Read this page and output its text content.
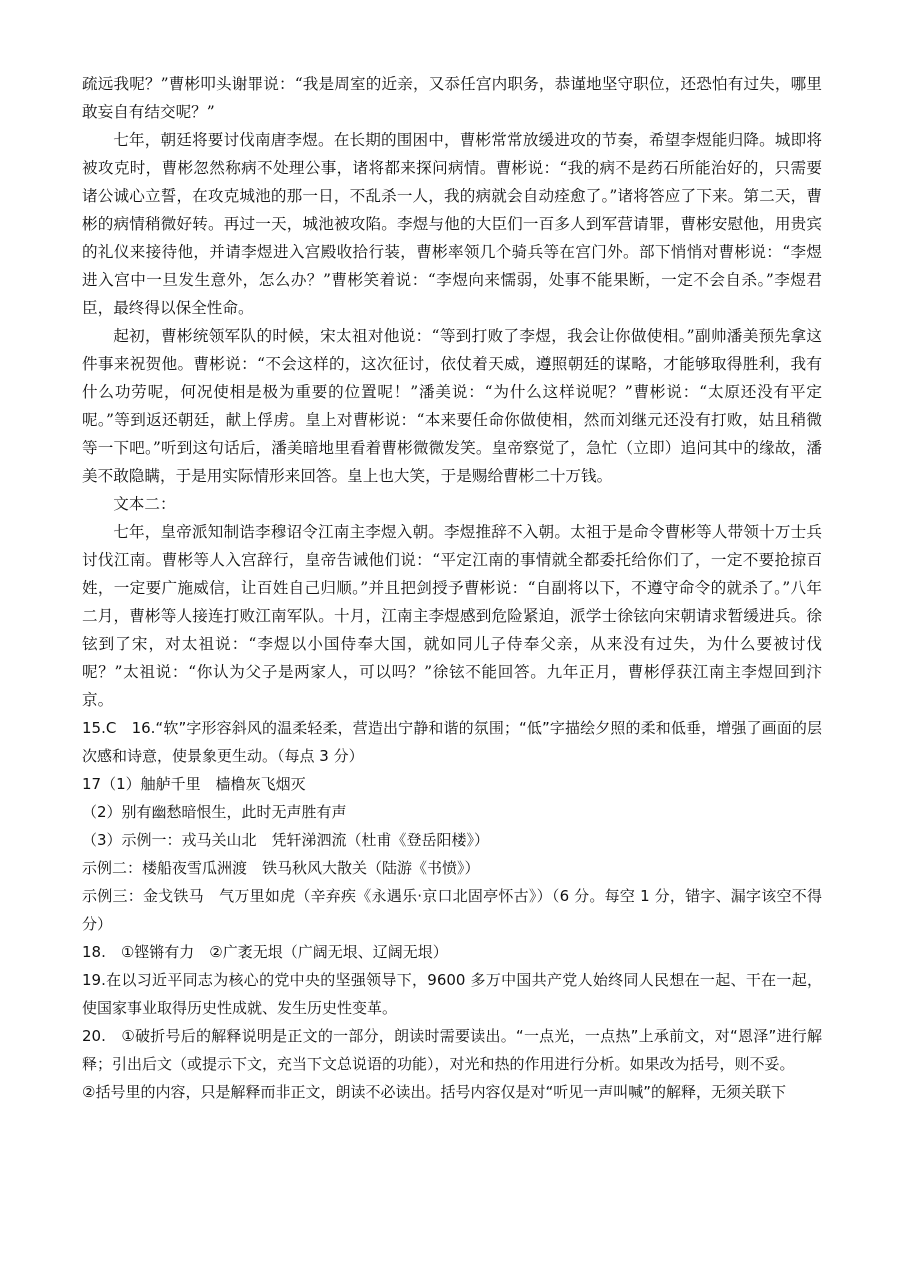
疏远我呢？”曹彬叩头谢罪说：“我是周室的近亲，又忝任宫内职务，恭谨地坚守职位，还恐怕有过失，哪里敢妄自有结交呢？”

七年，朝廷将要讨伐南唐李煜。在长期的围困中，曹彬常常放缓进攻的节奏，希望李煜能归降。城即将被攻克时，曹彬忽然称病不处理公事，诸将都来探问病情。曹彬说：“我的病不是药石所能治好的，只需要诸公诚心立誓，在攻克城池的那一日，不乱杀一人，我的病就会自动痊愈了。”诸将答应了下来。第二天，曹彬的病情稍微好转。再过一天，城池被攻陷。李煜与他的大臣们一百多人到军营请罪，曹彬安慰他，用贵宾的礼仪来接待他，并请李煜进入宫殿收拾行装，曹彬率领几个骑兵等在宫门外。部下悄悄对曹彬说：“李煜进入宫中一旦发生意外，怎么办？”曹彬笑着说：“李煜向来懦弱，处事不能果断，一定不会自杀。”李煜君臣，最终得以保全性命。

起初，曹彬统领军队的时候，宋太祖对他说：“等到打败了李煜，我会让你做使相。”副帅潘美预先拿这件事来祝贺他。曹彬说：“不会这样的，这次征讨，依仗着天威，遵照朝廷的谋略，才能够取得胜利，我有什么功劳呢，何况使相是极为重要的位置呢！”潘美说：“为什么这样说呢？”曹彬说：“太原还没有平定呢。”等到返还朝廷，献上俘虏。皇上对曹彬说：“本来要任命你做使相，然而刘继元还没有打败，姑且稍微等一下吧。”听到这句话后，潘美暗地里看着曹彬微微发笑。皇帝察觉了，急忙（立即）追问其中的缘故，潘美不敢隐瞒，于是用实际情形来回答。皇上也大笑，于是赐给曹彬二十万钱。

文本二：

七年，皇帝派知制诰李穆诏令江南主李煜入朝。李煜推辞不入朝。太祖于是命令曹彬等人带领十万士兵讨伐江南。曹彬等人入宫辞行，皇帝告诫他们说：“平定江南的事情就全都委托给你们了，一定不要抢掠百姓，一定要广施威信，让百姓自己归顺。”并且把剑授予曹彬说：“自副将以下，不遵守命令的就杀了。”八年二月，曹彬等人接连打败江南军队。十月，江南主李煜感到危险紧迫，派学士徐铉向宋朝请求暂缓进兵。徐铉到了宋，对太祖说：“李煜以小国侍奉大国，就如同儿子侍奉父亲，从来没有过失，为什么要被讨伐呢？”太祖说：“你认为父子是两家人，可以吗？”徐铉不能回答。九年正月，曹彬俘获江南主李煜回到汴京。

15.C　16.“软”字形容斜风的温柔轻柔，营造出宁静和谐的氛围；“低”字描绘夕照的柔和低垂，增强了画面的层次感和诗意，使景象更生动。（每点 3 分）

17（1）舳舻千里　樯橹灰飞烟灭

（2）别有幽愁暗恨生，此时无声胜有声

（3）示例一：戎马关山北　凭轩涕泗流（杜甫《登岳阳楼》）

示例二：楼船夜雪瓜洲渡　铁马秋风大散关（陆游《书愤》）

示例三：金戈铁马　气万里如虎（辛弃疾《永遇乐·京口北固亭怀古》）（6 分。每空 1 分，错字、漏字该空不得分）

18.　①铿锵有力　②广袤无垠（广阔无垠、辽阔无垠）

19.在以习近平同志为核心的党中央的坚强领导下，9600 多万中国共产党人始终同人民想在一起、干在一起，使国家事业取得历史性成就、发生历史性变革。

20.　①破折号后的解释说明是正文的一部分，朗读时需要读出。“一点光，一点热”上承前文，对“恩泽”进行解释；引出后文（或提示下文，充当下文总说语的功能），对光和热的作用进行分析。如果改为括号，则不妥。

②括号里的内容，只是解释而非正文，朗读不必读出。括号内容仅是对“听见一声叫喊”的解释，无须关联下
